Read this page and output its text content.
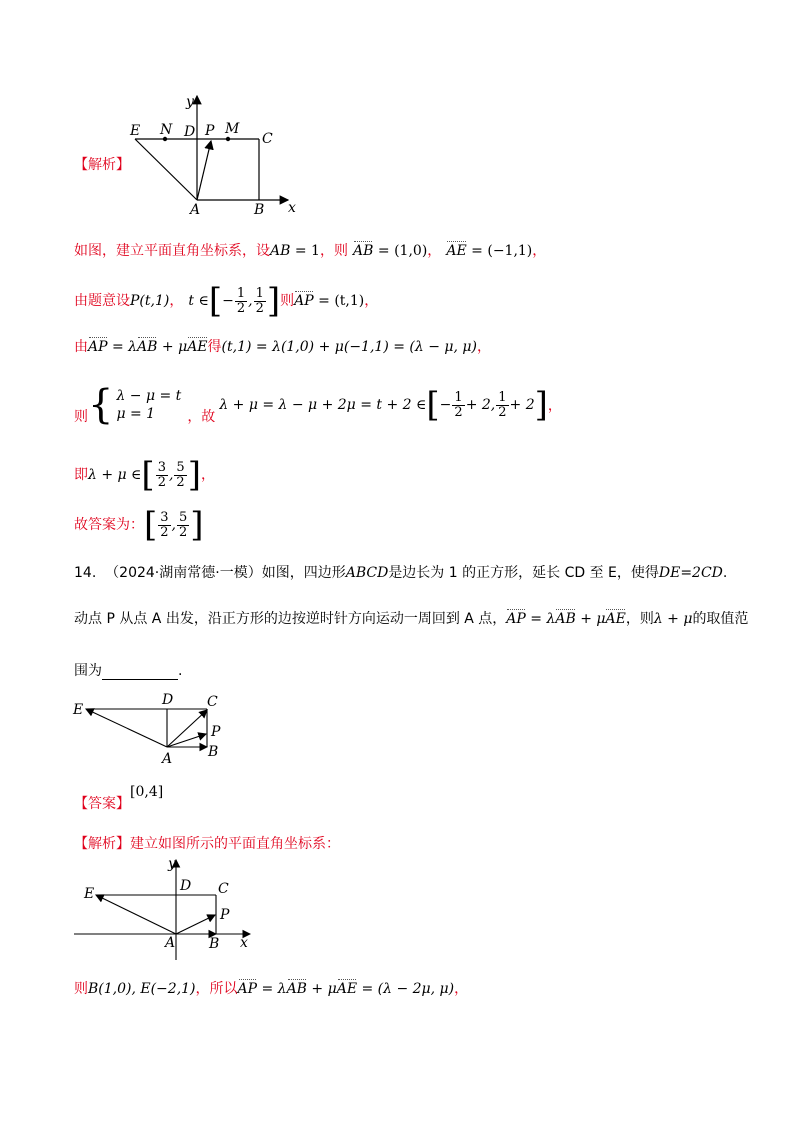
y
E N D P M
C
A	B x
【解析】
如图，建立平面直角坐标系，设AB = 1，则 AB = (1,0)， AE = (−1,1)，
由题意设P(t,1)， t ∈[− $\frac{1}{2}$ , $\frac{1}{2}$ ]则AP = (t,1)，
由AP = λAB + μAE得(t,1) = λ(1,0) + μ(−1,1) = (λ − μ, μ)，
则 { λ − μ = t
μ = 1	，故
λ + μ = λ − μ + 2μ = t + 2 ∈[− $\frac{1}{2} + 2$, $\frac{1}{2} + 2$] ，
即λ + μ ∈[ $\frac{3}{2}$ , $\frac{5}{2}$ ]，
故答案为：[ $\frac{3}{2}$ , $\frac{5}{2}$ ]
14. （2024·湖南常德·一模）如图，四边形ABCD是边长为 1 的正方形，延长 CD 至 E，使得DE=2CD.
动点 P 从点 A 出发，沿正方形的边按逆时针方向运动一周回到 A 点，AP = λAB + μAE，则λ + μ的取值范
围为	.
E
D C
P
A	B
【答案】[0,4]
【解析】建立如图所示的平面直角坐标系：
y
E	D C
P
A B x
则B(1,0), E(−2,1)，所以AP = λAB + μAE = (λ − 2μ, μ)，
